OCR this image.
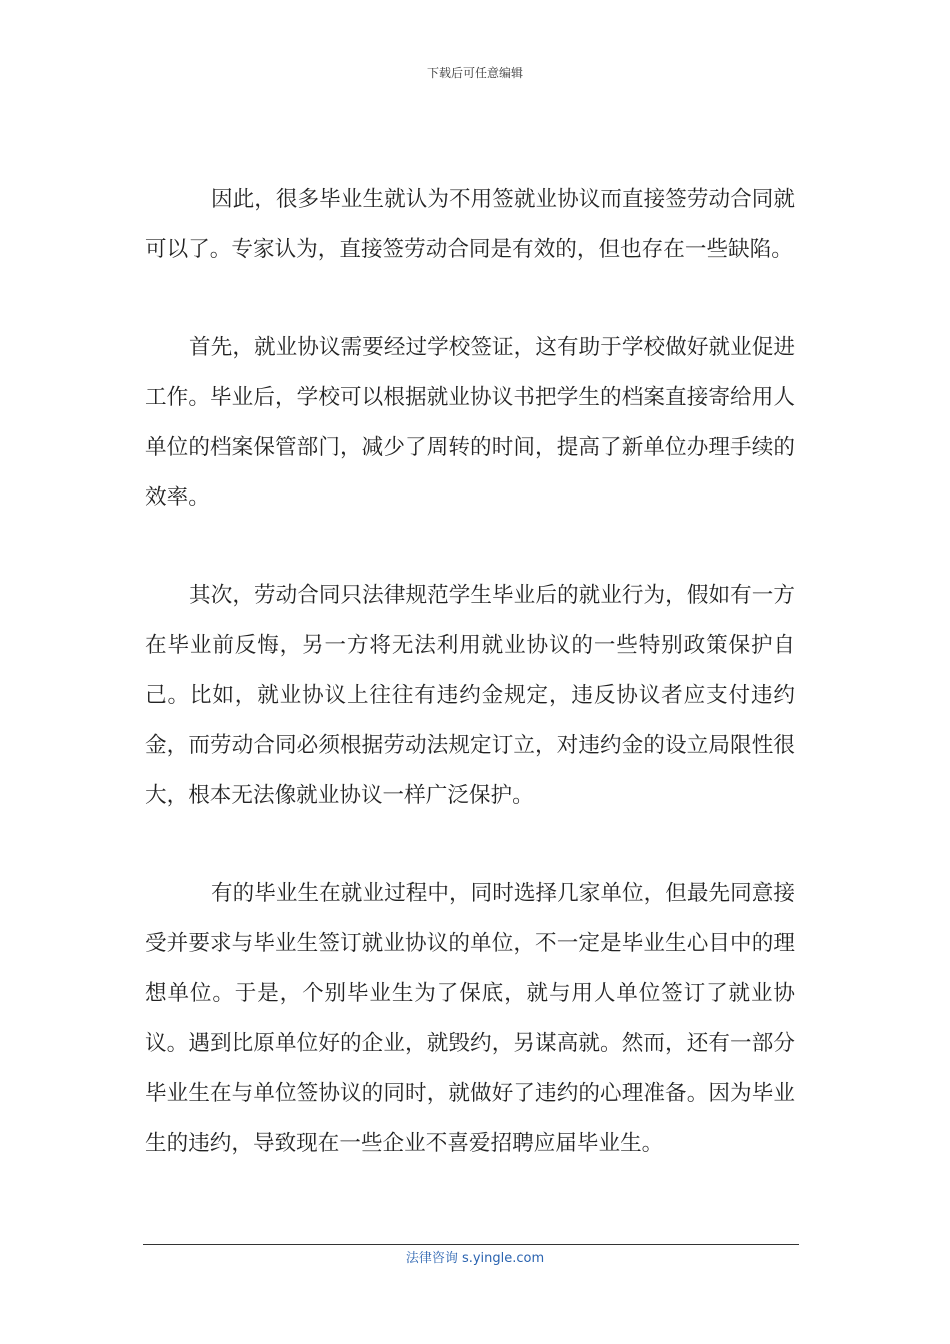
下载后可任意编辑

因此，很多毕业生就认为不用签就业协议而直接签劳动合同就可以了。专家认为，直接签劳动合同是有效的，但也存在一些缺陷。

首先，就业协议需要经过学校签证，这有助于学校做好就业促进工作。毕业后，学校可以根据就业协议书把学生的档案直接寄给用人单位的档案保管部门，减少了周转的时间，提高了新单位办理手续的效率。

其次，劳动合同只法律规范学生毕业后的就业行为，假如有一方在毕业前反悔，另一方将无法利用就业协议的一些特别政策保护自己。比如，就业协议上往往有违约金规定，违反协议者应支付违约金，而劳动合同必须根据劳动法规定订立，对违约金的设立局限性很大，根本无法像就业协议一样广泛保护。

有的毕业生在就业过程中，同时选择几家单位，但最先同意接受并要求与毕业生签订就业协议的单位，不一定是毕业生心目中的理想单位。于是，个别毕业生为了保底，就与用人单位签订了就业协议。遇到比原单位好的企业，就毁约，另谋高就。然而，还有一部分毕业生在与单位签协议的同时，就做好了违约的心理准备。因为毕业生的违约，导致现在一些企业不喜爱招聘应届毕业生。

法律咨询 s.yingle.com
